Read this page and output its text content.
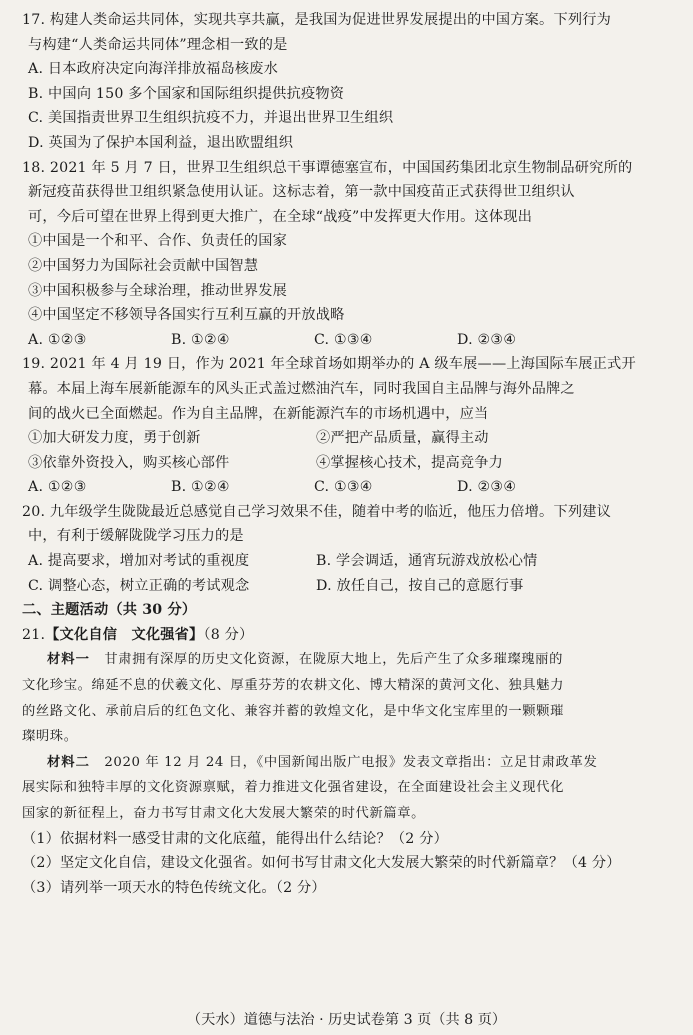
17. 构建人类命运共同体，实现共享共赢，是我国为促进世界发展提出的中国方案。下列行为
与构建“人类命运共同体”理念相一致的是
A. 日本政府决定向海洋排放福岛核废水
B. 中国向 150 多个国家和国际组织提供抗疫物资
C. 美国指责世界卫生组织抗疫不力，并退出世界卫生组织
D. 英国为了保护本国利益，退出欧盟组织
18. 2021 年 5 月 7 日，世界卫生组织总干事谭德塞宣布，中国国药集团北京生物制品研究所的
新冠疫苗获得世卫组织紧急使用认证。这标志着，第一款中国疫苗正式获得世卫组织认
可，今后可望在世界上得到更大推广，在全球“战疫”中发挥更大作用。这体现出
①中国是一个和平、合作、负责任的国家
②中国努力为国际社会贡献中国智慧
③中国积极参与全球治理，推动世界发展
④中国坚定不移领导各国实行互利互赢的开放战略
A. ①②③	B. ①②④	C. ①③④	D. ②③④
19. 2021 年 4 月 19 日，作为 2021 年全球首场如期举办的 A 级车展——上海国际车展正式开
幕。本届上海车展新能源车的风头正式盖过燃油汽车，同时我国自主品牌与海外品牌之
间的战火已全面燃起。作为自主品牌，在新能源汽车的市场机遇中，应当
①加大研发力度，勇于创新	②严把产品质量，赢得主动
③依靠外资投入，购买核心部件	④掌握核心技术，提高竞争力
A. ①②③	B. ①②④	C. ①③④	D. ②③④
20. 九年级学生陇陇最近总感觉自己学习效果不佳，随着中考的临近，他压力倍增。下列建议
中，有利于缓解陇陇学习压力的是
A. 提高要求，增加对考试的重视度	B. 学会调适，通宵玩游戏放松心情
C. 调整心态，树立正确的考试观念	D. 放任自己，按自己的意愿行事
二、主题活动（共 30 分）
21.【文化自信　文化强省】（8 分）
材料一 甘肃拥有深厚的历史文化资源，在陇原大地上，先后产生了众多璀璨瑰丽的
文化珍宝。绵延不息的伏羲文化、厚重芬芳的农耕文化、博大精深的黄河文化、独具魅力
的丝路文化、承前启后的红色文化、兼容并蓄的敦煌文化，是中华文化宝库里的一颗颗璀
璨明珠。
材料二 2020 年 12 月 24 日，《中国新闻出版广电报》发表文章指出：立足甘肃政革发
展实际和独特丰厚的文化资源禀赋，着力推进文化强省建设，在全面建设社会主义现代化
国家的新征程上，奋力书写甘肃文化大发展大繁荣的时代新篇章。
（1）依据材料一感受甘肃的文化底蕴，能得出什么结论？（2 分）
（2）坚定文化自信，建设文化强省。如何书写甘肃文化大发展大繁荣的时代新篇章？（4 分）
（3）请列举一项天水的特色传统文化。（2 分）
（天水）道德与法治 · 历史试卷第 3 页（共 8 页）
